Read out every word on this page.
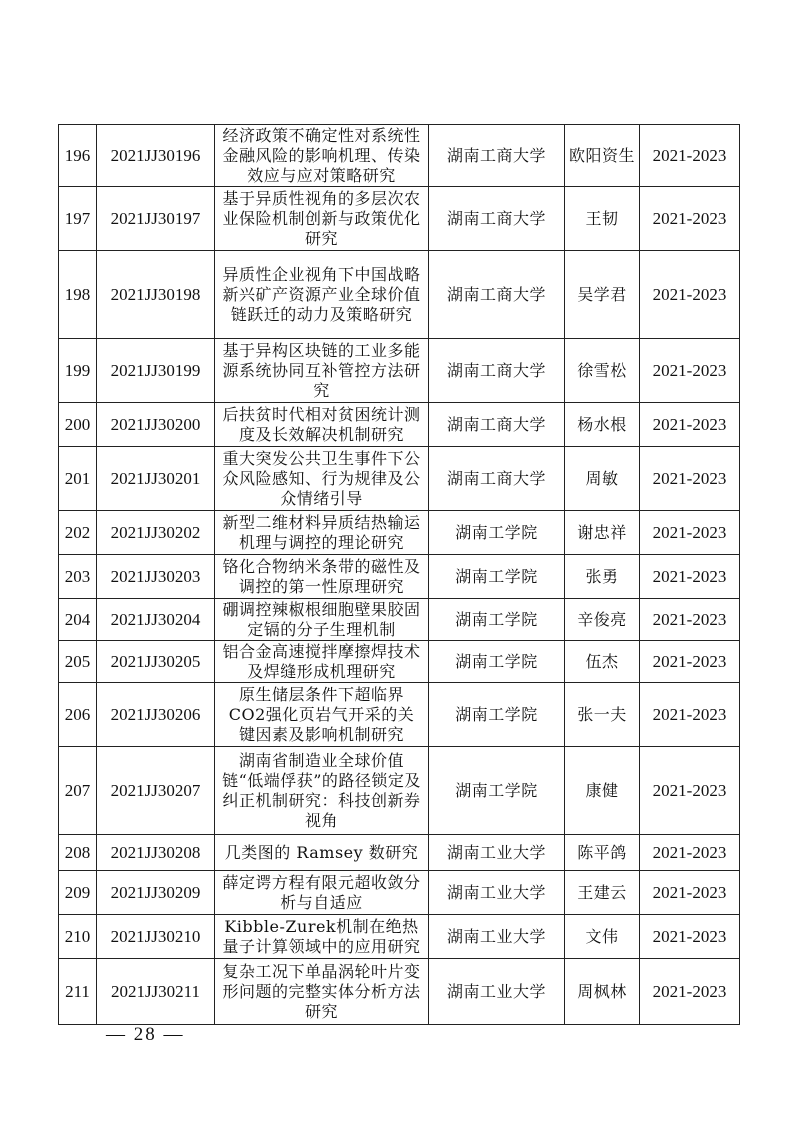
196	2021JJ30196	经济政策不确定性对系统性金融风险的影响机理、传染效应与应对策略研究	湖南工商大学	欧阳资生	2021-2023
197	2021JJ30197	基于异质性视角的多层次农业保险机制创新与政策优化研究	湖南工商大学	王韧	2021-2023
198	2021JJ30198	异质性企业视角下中国战略新兴矿产资源产业全球价值链跃迁的动力及策略研究	湖南工商大学	吴学君	2021-2023
199	2021JJ30199	基于异构区块链的工业多能源系统协同互补管控方法研究	湖南工商大学	徐雪松	2021-2023
200	2021JJ30200	后扶贫时代相对贫困统计测度及长效解决机制研究	湖南工商大学	杨水根	2021-2023
201	2021JJ30201	重大突发公共卫生事件下公众风险感知、行为规律及公众情绪引导	湖南工商大学	周敏	2021-2023
202	2021JJ30202	新型二维材料异质结热输运机理与调控的理论研究	湖南工学院	谢忠祥	2021-2023
203	2021JJ30203	铬化合物纳米条带的磁性及调控的第一性原理研究	湖南工学院	张勇	2021-2023
204	2021JJ30204	硼调控辣椒根细胞壁果胶固定镉的分子生理机制	湖南工学院	辛俊亮	2021-2023
205	2021JJ30205	铝合金高速搅拌摩擦焊技术及焊缝形成机理研究	湖南工学院	伍杰	2021-2023
206	2021JJ30206	原生储层条件下超临界CO2强化页岩气开采的关键因素及影响机制研究	湖南工学院	张一夫	2021-2023
207	2021JJ30207	湖南省制造业全球价值链“低端俘获”的路径锁定及纠正机制研究：科技创新券视角	湖南工学院	康健	2021-2023
208	2021JJ30208	几类图的 Ramsey 数研究	湖南工业大学	陈平鸽	2021-2023
209	2021JJ30209	薛定谔方程有限元超收敛分析与自适应	湖南工业大学	王建云	2021-2023
210	2021JJ30210	Kibble-Zurek机制在绝热量子计算领域中的应用研究	湖南工业大学	文伟	2021-2023
211	2021JJ30211	复杂工况下单晶涡轮叶片变形问题的完整实体分析方法研究	湖南工业大学	周枫林	2021-2023
— 28 —
